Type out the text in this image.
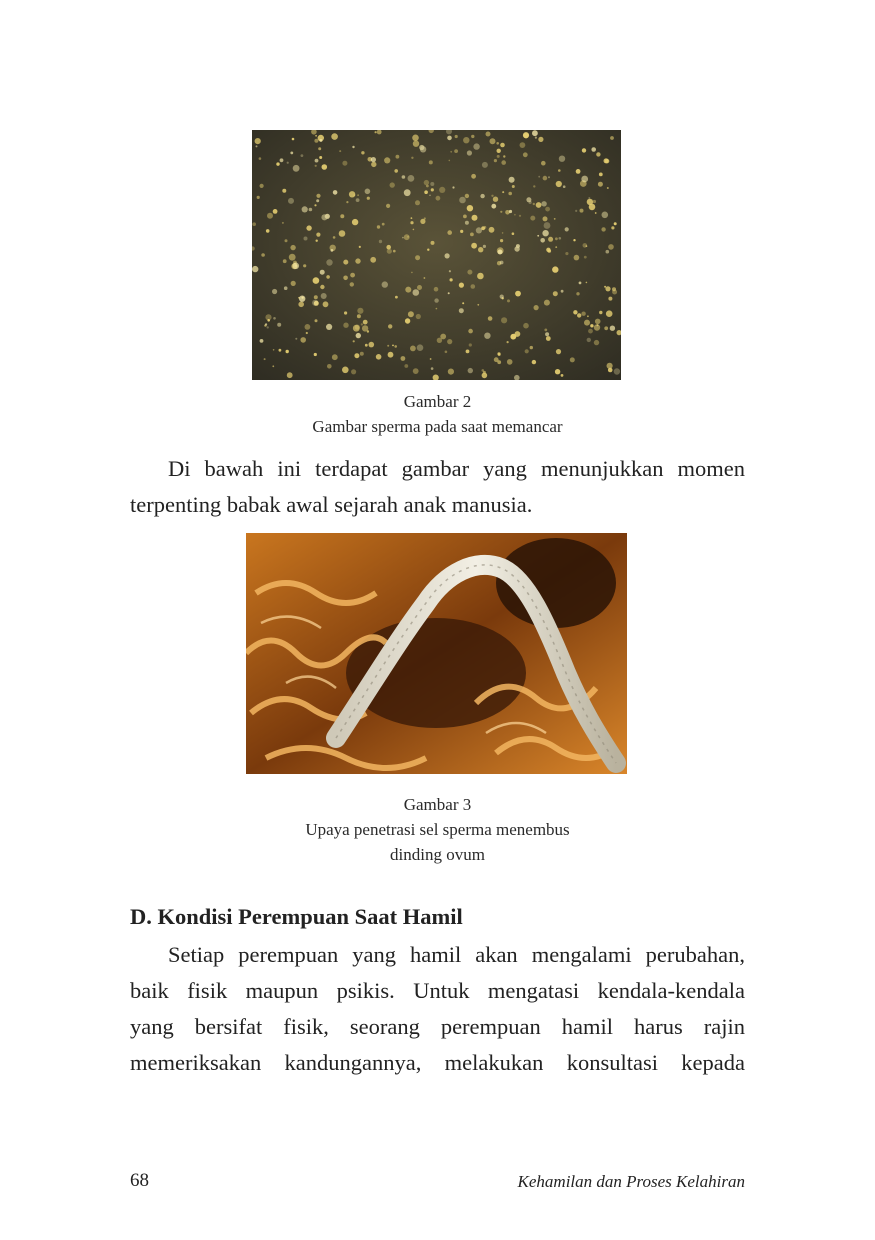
Gambar 2
Gambar sperma pada saat memancar
Di bawah ini terdapat gambar yang menunjukkan momen
terpenting babak awal sejarah anak manusia.
Gambar 3
Upaya penetrasi sel sperma menembus
dinding ovum
D. Kondisi Perempuan Saat Hamil
Setiap perempuan yang hamil akan mengalami perubahan,
baik fisik maupun psikis. Untuk mengatasi kendala-kendala
yang bersifat fisik, seorang perempuan hamil harus rajin
memeriksakan kandungannya, melakukan konsultasi kepada
68	Kehamilan dan Proses Kelahiran
